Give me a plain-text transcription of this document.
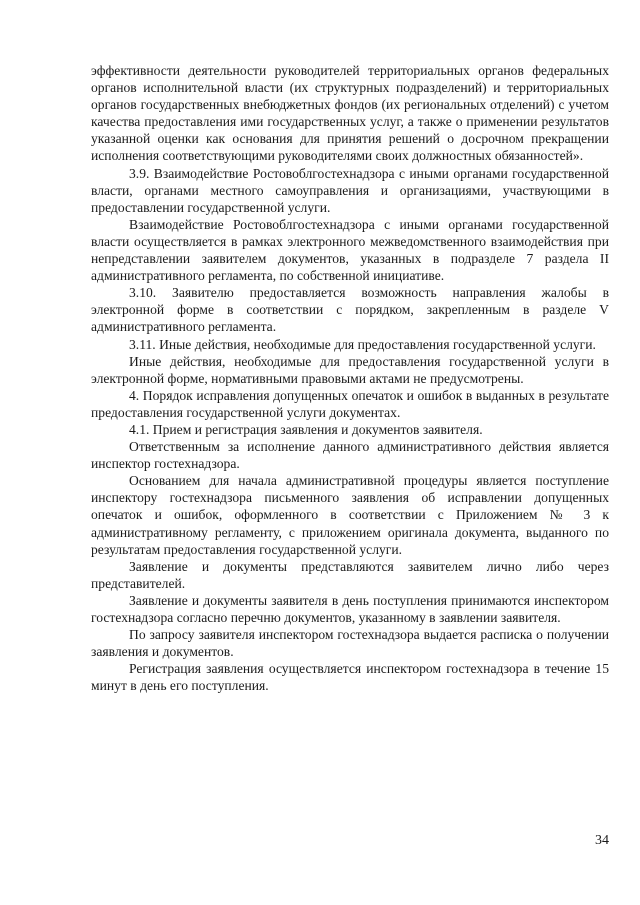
эффективности деятельности руководителей территориальных органов федеральных органов исполнительной власти (их структурных подразделений) и территориальных органов государственных внебюджетных фондов (их региональных отделений) с учетом качества предоставления ими государственных услуг, а также о применении результатов указанной оценки как основания для принятия решений о досрочном прекращении исполнения соответствующими руководителями своих должностных обязанностей».

3.9. Взаимодействие Ростовоблгостехнадзора с иными органами государственной власти, органами местного самоуправления и организациями, участвующими в предоставлении государственной услуги.

Взаимодействие Ростовоблгостехнадзора с иными органами государственной власти осуществляется в рамках электронного межведомственного взаимодействия при непредставлении заявителем документов, указанных в подразделе 7 раздела II административного регламента, по собственной инициативе.

3.10. Заявителю предоставляется возможность направления жалобы в электронной форме в соответствии с порядком, закрепленным в разделе V административного регламента.

3.11. Иные действия, необходимые для предоставления государственной услуги.

Иные действия, необходимые для предоставления государственной услуги в электронной форме, нормативными правовыми актами не предусмотрены.

4. Порядок исправления допущенных опечаток и ошибок в выданных в результате предоставления государственной услуги документах.

4.1. Прием и регистрация заявления и документов заявителя.

Ответственным за исполнение данного административного действия является инспектор гостехнадзора.

Основанием для начала административной процедуры является поступление инспектору гостехнадзора письменного заявления об исправлении допущенных опечаток и ошибок, оформленного в соответствии с Приложением № 3 к административному регламенту, с приложением оригинала документа, выданного по результатам предоставления государственной услуги.

Заявление и документы представляются заявителем лично либо через представителей.

Заявление и документы заявителя в день поступления принимаются инспектором гостехнадзора согласно перечню документов, указанному в заявлении заявителя.

По запросу заявителя инспектором гостехнадзора выдается расписка о получении заявления и документов.

Регистрация заявления осуществляется инспектором гостехнадзора в течение 15 минут в день его поступления.

34
